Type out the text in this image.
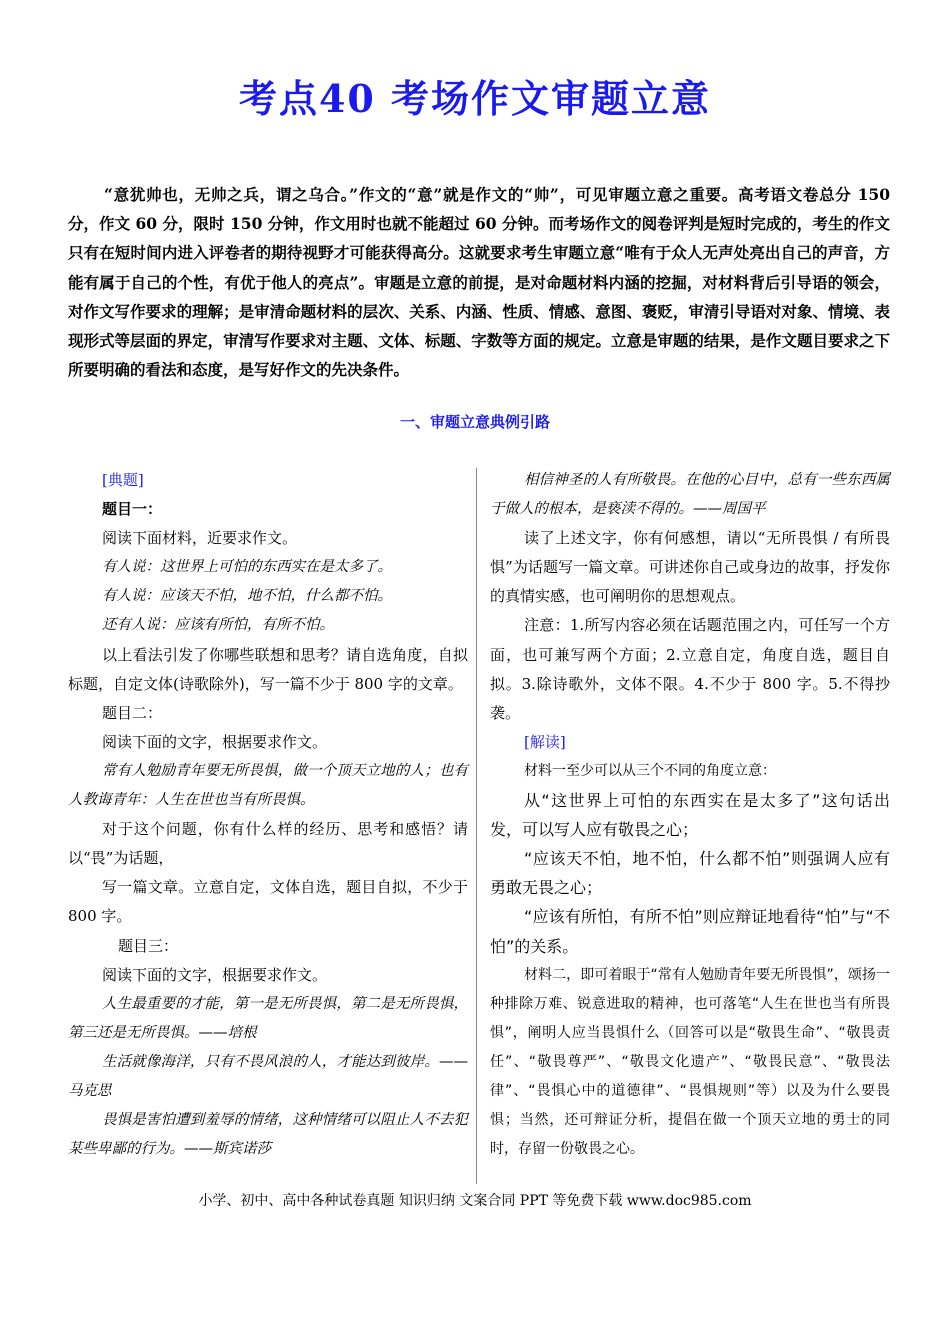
考点40 考场作文审题立意

“意犹帅也，无帅之兵，谓之乌合。”作文的“意”就是作文的“帅”，可见审题立意之重要。高考语文卷总分 150 分，作文 60 分，限时 150 分钟，作文用时也就不能超过 60 分钟。而考场作文的阅卷评判是短时完成的，考生的作文只有在短时间内进入评卷者的期待视野才可能获得高分。这就要求考生审题立意“唯有于众人无声处亮出自己的声音，方能有属于自己的个性，有优于他人的亮点”。审题是立意的前提，是对命题材料内涵的挖掘，对材料背后引导语的领会，对作文写作要求的理解；是审清命题材料的层次、关系、内涵、性质、情感、意图、褒贬，审清引导语对对象、情境、表现形式等层面的界定，审清写作要求对主题、文体、标题、字数等方面的规定。立意是审题的结果，是作文题目要求之下所要明确的看法和态度，是写好作文的先决条件。

一、审题立意典例引路

[典题]

题目一：

阅读下面材料，近要求作文。

有人说：这世界上可怕的东西实在是太多了。

有人说：应该天不怕，地不怕，什么都不怕。

还有人说：应该有所怕，有所不怕。

以上看法引发了你哪些联想和思考？请自选角度，自拟标题，自定文体(诗歌除外)，写一篇不少于 800 字的文章。

题目二：

阅读下面的文字，根据要求作文。

常有人勉励青年要无所畏惧，做一个顶天立地的人；也有人教诲青年：人生在世也当有所畏惧。

对于这个问题，你有什么样的经历、思考和感悟？请以“畏”为话题，

写一篇文章。立意自定，文体自选，题目自拟，不少于 800 字。

题目三：

阅读下面的文字，根据要求作文。

人生最重要的才能，第一是无所畏惧，第二是无所畏惧，第三还是无所畏惧。——培根

生活就像海洋，只有不畏风浪的人，才能达到彼岸。——马克思

畏惧是害怕遭到羞辱的情绪，这种情绪可以阻止人不去犯某些卑鄙的行为。——斯宾诺莎

相信神圣的人有所敬畏。在他的心目中，总有一些东西属于做人的根本，是亵渎不得的。——周国平

读了上述文字，你有何感想，请以“无所畏惧 / 有所畏惧”为话题写一篇文章。可讲述你自己或身边的故事，抒发你的真情实感，也可阐明你的思想观点。

注意：1.所写内容必须在话题范围之内，可任写一个方面，也可兼写两个方面；2.立意自定，角度自选，题目自拟。3.除诗歌外，文体不限。4.不少于 800 字。5.不得抄袭。

[解读]

材料一至少可以从三个不同的角度立意：

从“这世界上可怕的东西实在是太多了”这句话出发，可以写人应有敬畏之心；

“应该天不怕，地不怕，什么都不怕”则强调人应有勇敢无畏之心；

“应该有所怕，有所不怕”则应辩证地看待“怕”与“不怕”的关系。

材料二，即可着眼于“常有人勉励青年要无所畏惧”，颂扬一种排除万难、锐意进取的精神，也可落笔“人生在世也当有所畏惧”，阐明人应当畏惧什么（回答可以是“敬畏生命”、“敬畏责任”、“敬畏尊严”、“敬畏文化遗产”、“敬畏民意”、“敬畏法律”、“畏惧心中的道德律”、“畏惧规则”等）以及为什么要畏惧；当然，还可辩证分析，提倡在做一个顶天立地的勇士的同时，存留一份敬畏之心。

小学、初中、高中各种试卷真题 知识归纳 文案合同 PPT 等免费下载 www.doc985.com
